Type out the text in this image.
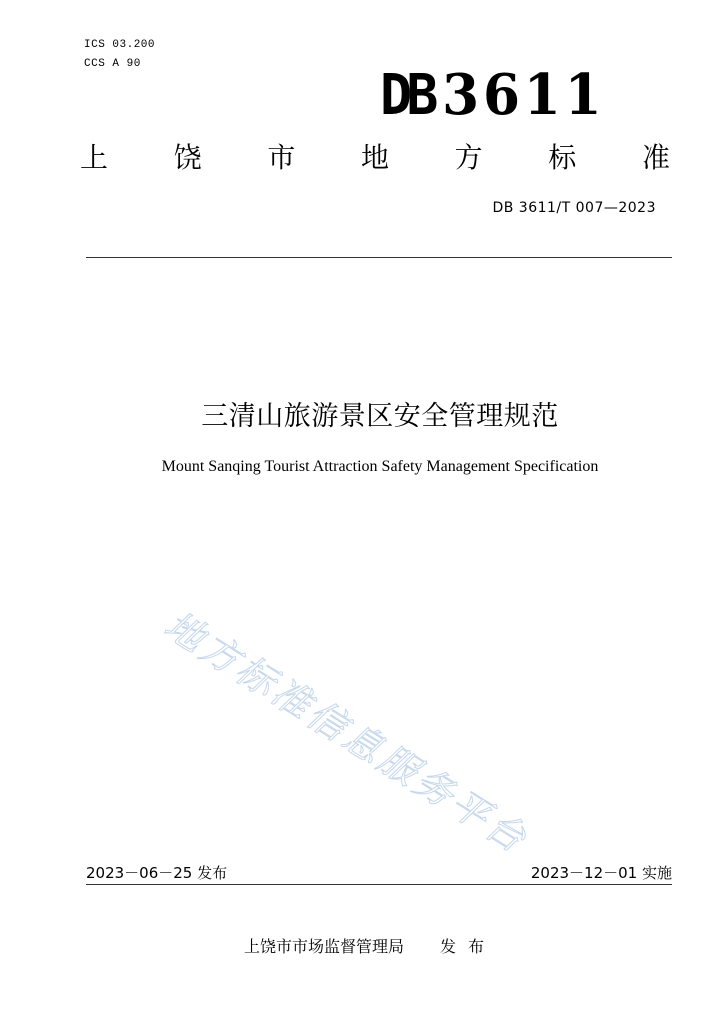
ICS 03.200
CCS A 90	DB 3611
上 饶 市 地 方 标 准
DB 3611/T 007—2023
三清山旅游景区安全管理规范
Mount Sanqing Tourist Attraction Safety Management Specification
地方标准信息服务平台
2023－06－25 发布	2023－12－01 实施
上饶市市场监督管理局 发布
